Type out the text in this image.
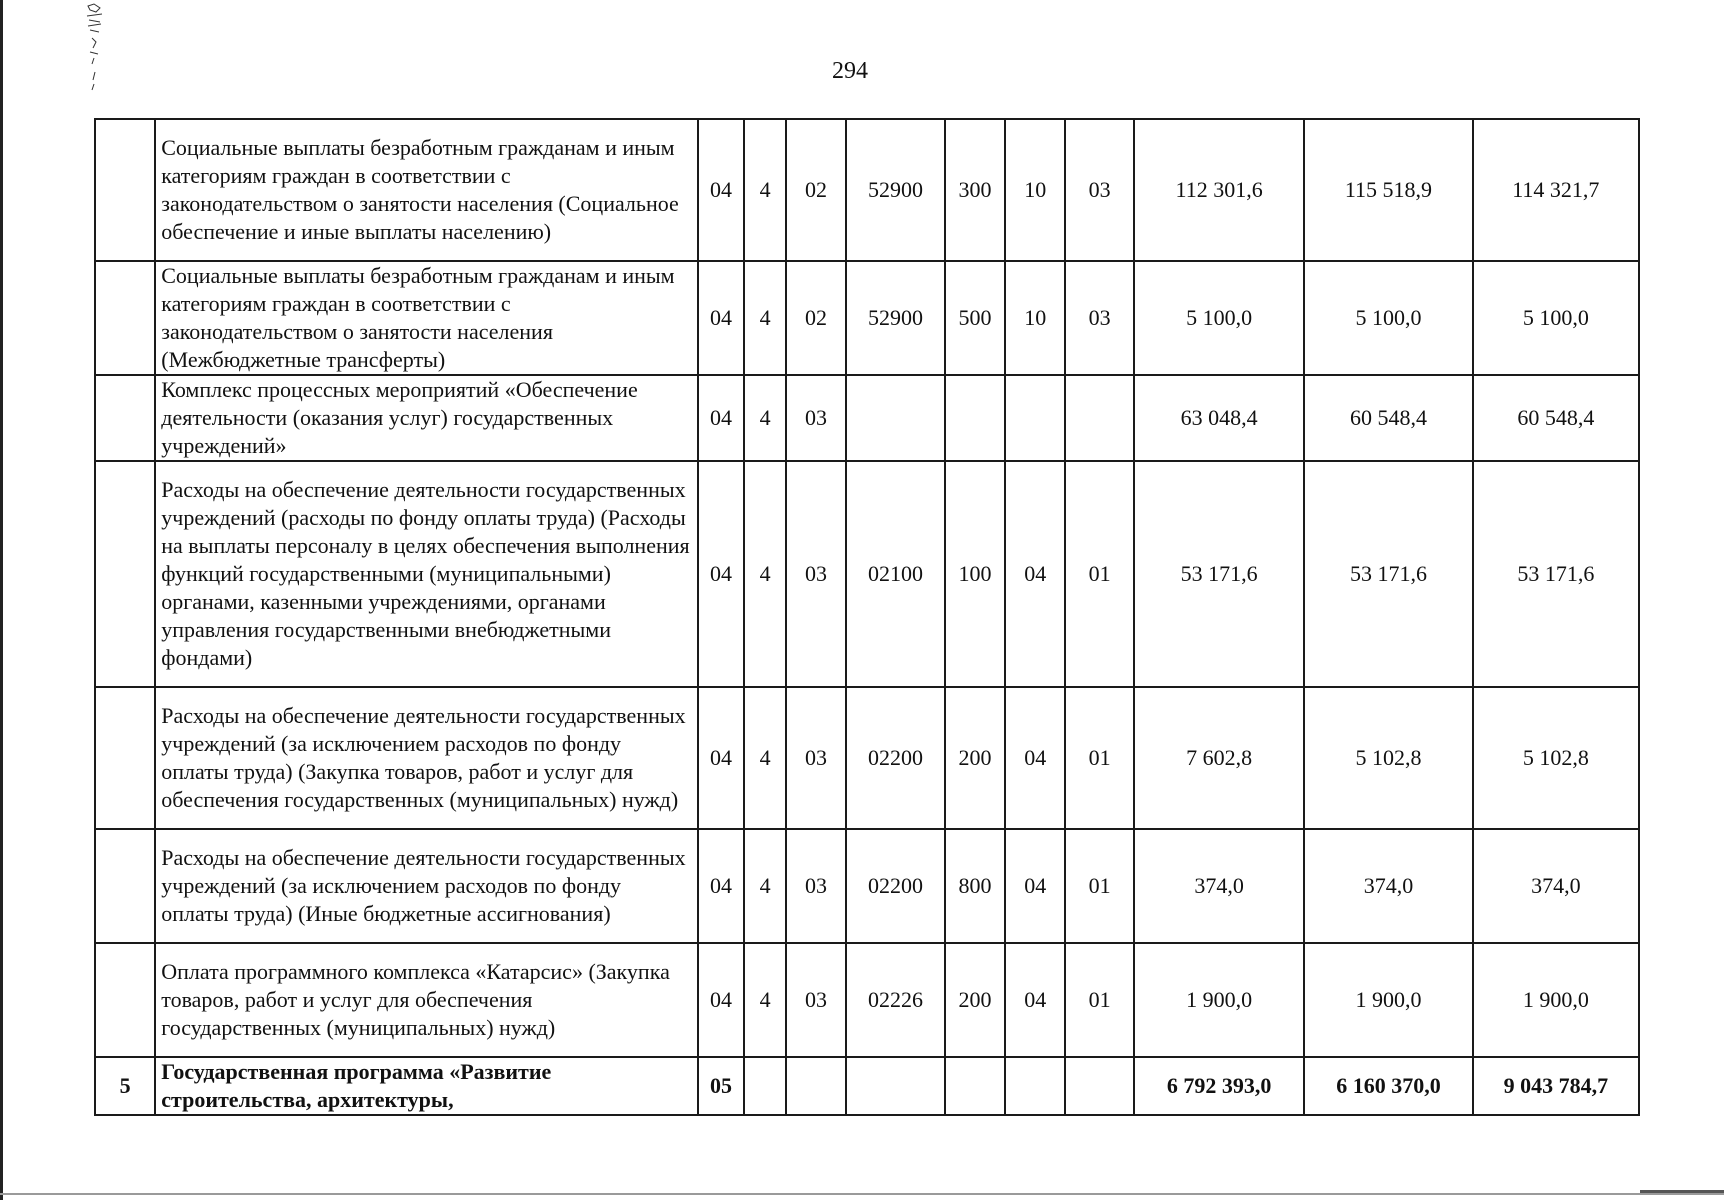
294
	Социальные выплаты безработным гражданам и иным категориям граждан в соответствии с законодательством о занятости населения (Социальное обеспечение и иные выплаты населению)	04	4	02	52900	300	10	03	112 301,6	115 518,9	114 321,7
	Социальные выплаты безработным гражданам и иным категориям граждан в соответствии с законодательством о занятости населения (Межбюджетные трансферты)	04	4	02	52900	500	10	03	5 100,0	5 100,0	5 100,0
	Комплекс процессных мероприятий «Обеспечение деятельности (оказания услуг) государственных учреждений»	04	4	03					63 048,4	60 548,4	60 548,4
	Расходы на обеспечение деятельности государственных учреждений (расходы по фонду оплаты труда) (Расходы на выплаты персоналу в целях обеспечения выполнения функций государственными (муниципальными) органами, казенными учреждениями, органами управления государственными внебюджетными фондами)	04	4	03	02100	100	04	01	53 171,6	53 171,6	53 171,6
	Расходы на обеспечение деятельности государственных учреждений (за исключением расходов по фонду оплаты труда) (Закупка товаров, работ и услуг для обеспечения государственных (муниципальных) нужд)	04	4	03	02200	200	04	01	7 602,8	5 102,8	5 102,8
	Расходы на обеспечение деятельности государственных учреждений (за исключением расходов по фонду оплаты труда) (Иные бюджетные ассигнования)	04	4	03	02200	800	04	01	374,0	374,0	374,0
	Оплата программного комплекса «Катарсис» (Закупка товаров, работ и услуг для обеспечения государственных (муниципальных) нужд)	04	4	03	02226	200	04	01	1 900,0	1 900,0	1 900,0
5	Государственная программа «Развитие строительства, архитектуры,	05							6 792 393,0	6 160 370,0	9 043 784,7
